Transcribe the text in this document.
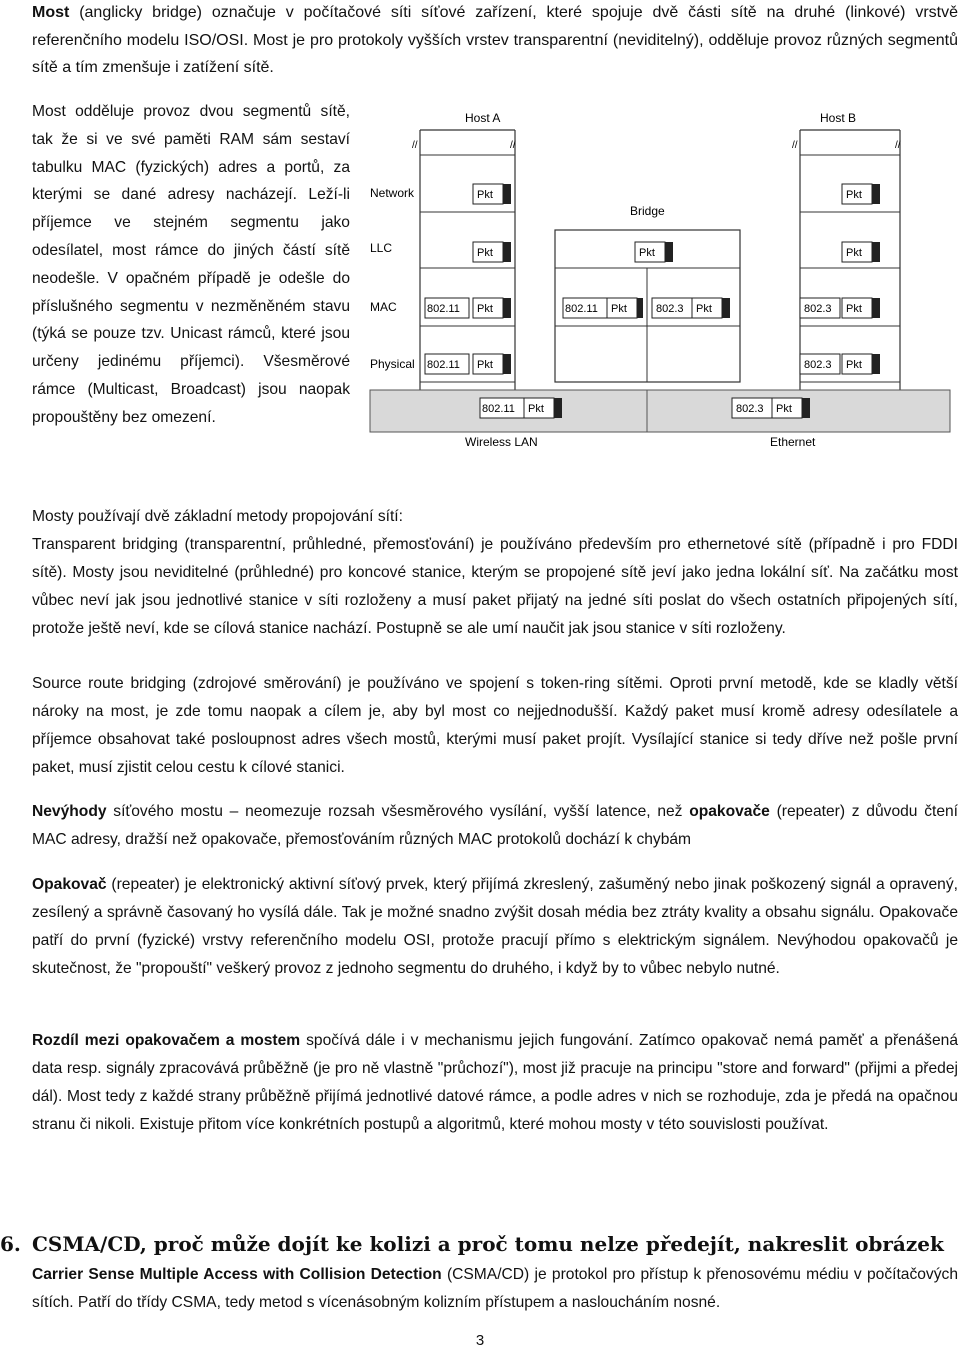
Most (anglicky bridge) označuje v počítačové síti síťové zařízení, které spojuje dvě části sítě na druhé (linkové) vrstvě referenčního modelu ISO/OSI. Most je pro protokoly vyšších vrstev transparentní (neviditelný), odděluje provoz různých segmentů sítě a tím zmenšuje i zatížení sítě.

Most odděluje provoz dvou segmentů sítě, tak že si ve své paměti RAM sám sestaví tabulku MAC (fyzických) adres a portů, za kterými se dané adresy nacházejí. Leží-li příjemce ve stejném segmentu jako odesílatel, most rámce do jiných částí sítě neodešle. V opačném případě je odešle do příslušného segmentu v nezměněném stavu (týká se pouze tzv. Unicast rámců, které jsou určeny jedinému příjemci). Všesměrové rámce (Multicast, Broadcast) jsou naopak propouštěny bez omezení.

Host A	Host B
Bridge
Network
LLC
MAC
Physical
//	//	//	//
Pkt
Pkt
802.11 Pkt
802.11 Pkt
Pkt
802.11 Pkt	802.3 Pkt
Pkt
Pkt
802.3 Pkt
802.3 Pkt
802.11 Pkt	802.3 Pkt
Wireless LAN	Ethernet

Mosty používají dvě základní metody propojování sítí:

Transparent bridging (transparentní, průhledné, přemosťování) je používáno především pro ethernetové sítě (případně i pro FDDI sítě). Mosty jsou neviditelné (průhledné) pro koncové stanice, kterým se propojené sítě jeví jako jedna lokální síť. Na začátku most vůbec neví jak jsou jednotlivé stanice v síti rozloženy a musí paket přijatý na jedné síti poslat do všech ostatních připojených sítí, protože ještě neví, kde se cílová stanice nachází. Postupně se ale umí naučit jak jsou stanice v síti rozloženy.

Source route bridging (zdrojové směrování) je používáno ve spojení s token-ring sítěmi. Oproti první metodě, kde se kladly větší nároky na most, je zde tomu naopak a cílem je, aby byl most co nejjednodušší. Každý paket musí kromě adresy odesílatele a příjemce obsahovat také posloupnost adres všech mostů, kterými musí paket projít. Vysílající stanice si tedy dříve než pošle první paket, musí zjistit celou cestu k cílové stanici.

Nevýhody síťového mostu – neomezuje rozsah všesměrového vysílání, vyšší latence, než opakovače (repeater) z důvodu čtení MAC adresy, dražší než opakovače, přemosťováním různých MAC protokolů dochází k chybám

Opakovač (repeater) je elektronický aktivní síťový prvek, který přijímá zkreslený, zašuměný nebo jinak poškozený signál a opravený, zesílený a správně časovaný ho vysílá dále. Tak je možné snadno zvýšit dosah média bez ztráty kvality a obsahu signálu. Opakovače patří do první (fyzické) vrstvy referenčního modelu OSI, protože pracují přímo s elektrickým signálem. Nevýhodou opakovačů je skutečnost, že "propouští" veškerý provoz z jednoho segmentu do druhého, i když by to vůbec nebylo nutné.

Rozdíl mezi opakovačem a mostem spočívá dále i v mechanismu jejich fungování. Zatímco opakovač nemá paměť a přenášená data resp. signály zpracovává průběžně (je pro ně vlastně "průchozí"), most již pracuje na principu "store and forward" (přijmi a předej dál). Most tedy z každé strany průběžně přijímá jednotlivé datové rámce, a podle adres v nich se rozhoduje, zda je předá na opačnou stranu či nikoli. Existuje přitom více konkrétních postupů a algoritmů, které mohou mosty v této souvislosti používat.

6. CSMA/CD, proč může dojít ke kolizi a proč tomu nelze předejít, nakreslit obrázek

Carrier Sense Multiple Access with Collision Detection (CSMA/CD) je protokol pro přístup k přenosovému médiu v počítačových sítích. Patří do třídy CSMA, tedy metod s vícenásobným kolizním přístupem a nasloucháním nosné.

3
